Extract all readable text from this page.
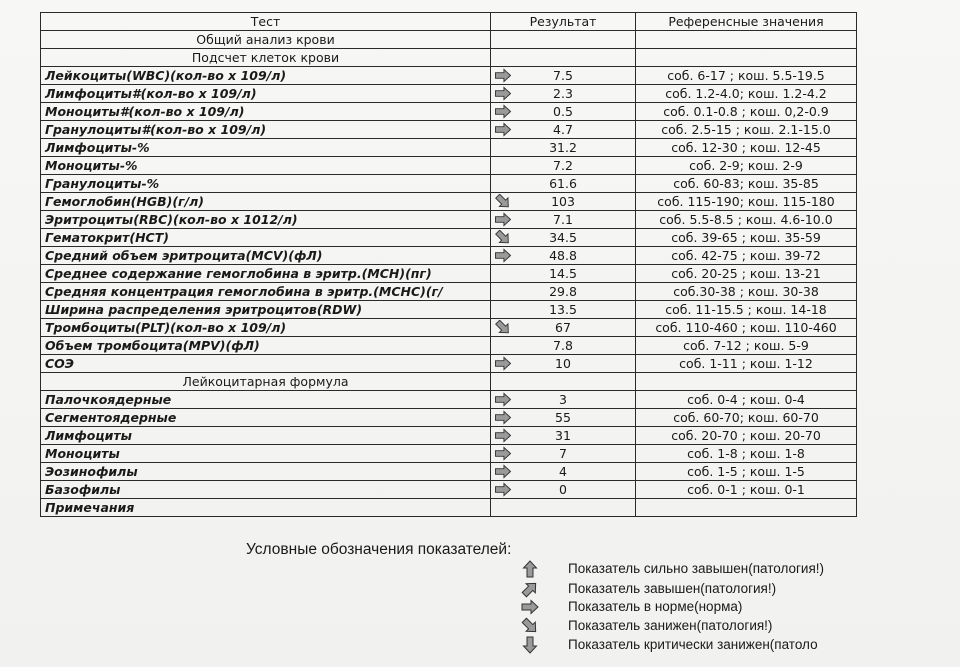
Тест	Результат	Референсные значения
Общий анализ крови		
Подсчет клеток крови		
Лейкоциты(WBC)(кол-во х 109/л)	7.5	соб. 6-17 ; кош. 5.5-19.5
Лимфоциты#(кол-во х 109/л)	2.3	соб. 1.2-4.0; кош. 1.2-4.2
Моноциты#(кол-во х 109/л)	0.5	соб. 0.1-0.8 ; кош. 0,2-0.9
Гранулоциты#(кол-во х 109/л)	4.7	соб. 2.5-15 ; кош. 2.1-15.0
Лимфоциты-%	31.2	соб. 12-30 ; кош. 12-45
Моноциты-%	7.2	соб. 2-9; кош. 2-9
Гранулоциты-%	61.6	соб. 60-83; кош. 35-85
Гемоглобин(HGB)(г/л)	103	соб. 115-190; кош. 115-180
Эритроциты(RBC)(кол-во х 1012/л)	7.1	соб. 5.5-8.5 ; кош. 4.6-10.0
Гематокрит(HCT)	34.5	соб. 39-65 ; кош. 35-59
Средний объем эритроцита(MCV)(фЛ)	48.8	соб. 42-75 ; кош. 39-72
Среднее содержание гемоглобина в эритр.(MCH)(пг)	14.5	соб. 20-25 ; кош. 13-21
Средняя концентрация гемоглобина в эритр.(MCHC)(г/	29.8	соб.30-38 ; кош. 30-38
Ширина распределения эритроцитов(RDW)	13.5	соб. 11-15.5 ; кош. 14-18
Тромбоциты(PLT)(кол-во х 109/л)	67	соб. 110-460 ; кош. 110-460
Объем тромбоцита(MPV)(фЛ)	7.8	соб. 7-12 ; кош. 5-9
СОЭ	10	соб. 1-11 ; кош. 1-12
Лейкоцитарная формула		
Палочкоядерные	3	соб. 0-4 ; кош. 0-4
Сегментоядерные	55	соб. 60-70; кош. 60-70
Лимфоциты	31	соб. 20-70 ; кош. 20-70
Моноциты	7	соб. 1-8 ; кош. 1-8
Эозинофилы	4	соб. 1-5 ; кош. 1-5
Базофилы	0	соб. 0-1 ; кош. 0-1
Примечания		
Условные обозначения показателей:
Показатель сильно завышен(патология!)
Показатель завышен(патология!)
Показатель в норме(норма)
Показатель занижен(патология!)
Показатель критически занижен(патоло
